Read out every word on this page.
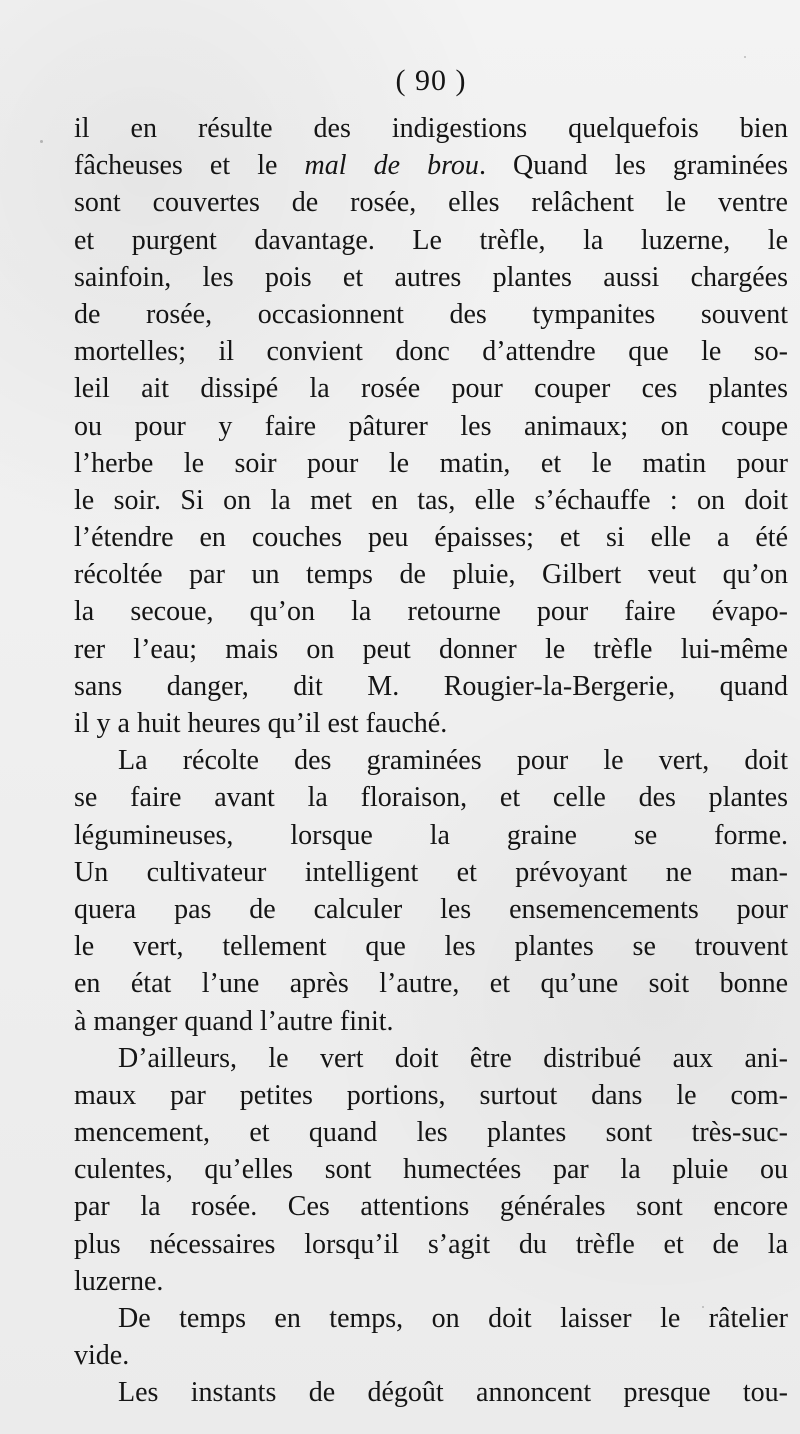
( 90 )
il en résulte des indigestions quelquefois bien
fâcheuses et le mal de brou. Quand les graminées
sont couvertes de rosée, elles relâchent le ventre
et purgent davantage. Le trèfle, la luzerne, le
sainfoin, les pois et autres plantes aussi chargées
de rosée, occasionnent des tympanites souvent
mortelles; il convient donc d’attendre que le so-
leil ait dissipé la rosée pour couper ces plantes
ou pour y faire pâturer les animaux; on coupe
l’herbe le soir pour le matin, et le matin pour
le soir. Si on la met en tas, elle s’échauffe : on doit
l’étendre en couches peu épaisses; et si elle a été
récoltée par un temps de pluie, Gilbert veut qu’on
la secoue, qu’on la retourne pour faire évapo-
rer l’eau; mais on peut donner le trèfle lui-même
sans danger, dit M. Rougier-la-Bergerie, quand
il y a huit heures qu’il est fauché.
La récolte des graminées pour le vert, doit
se faire avant la floraison, et celle des plantes
légumineuses, lorsque la graine se forme.
Un cultivateur intelligent et prévoyant ne man-
quera pas de calculer les ensemencements pour
le vert, tellement que les plantes se trouvent
en état l’une après l’autre, et qu’une soit bonne
à manger quand l’autre finit.
D’ailleurs, le vert doit être distribué aux ani-
maux par petites portions, surtout dans le com-
mencement, et quand les plantes sont très-suc-
culentes, qu’elles sont humectées par la pluie ou
par la rosée. Ces attentions générales sont encore
plus nécessaires lorsqu’il s’agit du trèfle et de la
luzerne.
De temps en temps, on doit laisser le râtelier
vide.
Les instants de dégoût annoncent presque tou-
